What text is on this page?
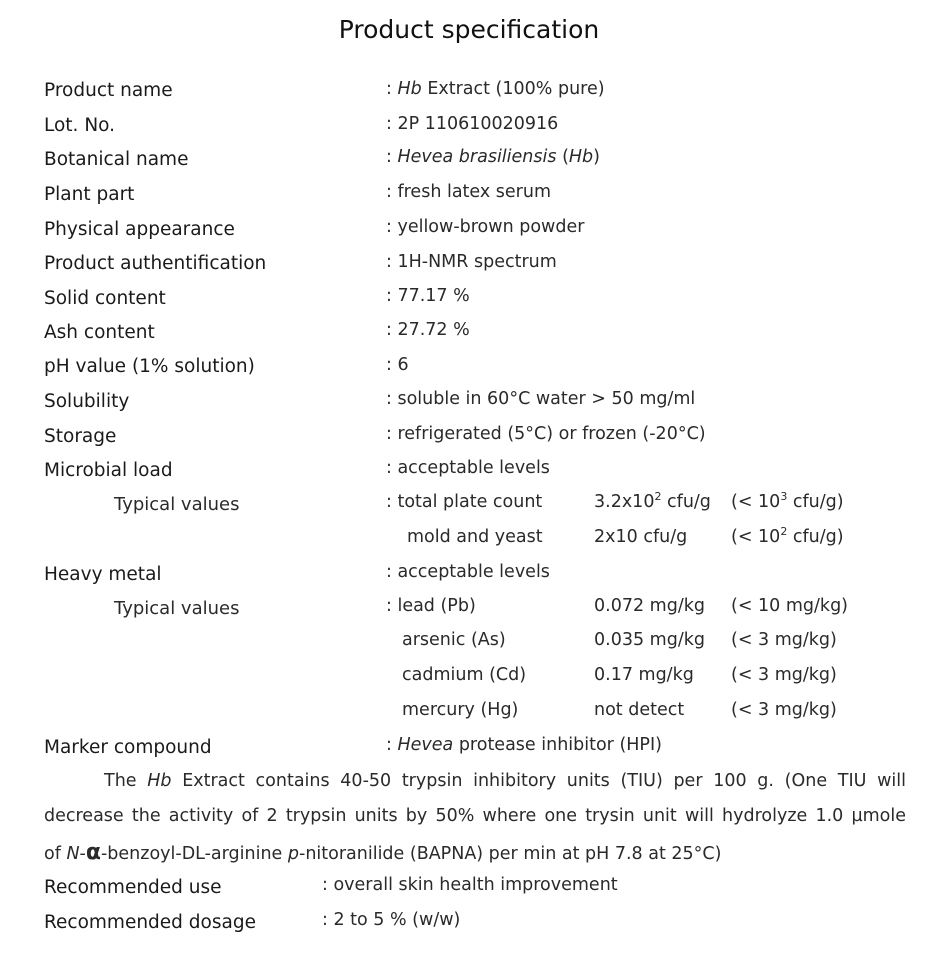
Product specification
Product name	: Hb Extract (100% pure)
Lot. No.	: 2P 110610020916
Botanical name	: Hevea brasiliensis (Hb)
Plant part	: fresh latex serum
Physical appearance	: yellow-brown powder
Product authentification	: 1H-NMR spectrum
Solid content	: 77.17 %
Ash content	: 27.72 %
pH value (1% solution)	: 6
Solubility	: soluble in 60°C water > 50 mg/ml
Storage	: refrigerated (5°C) or frozen (-20°C)
Microbial load	: acceptable levels
Typical values	: total plate count	$3.2x10^2$ cfu/g (< $10^3$ cfu/g)
mold and yeast	2x10 cfu/g	(< $10^2$ cfu/g)
Heavy metal	: acceptable levels
Typical values	: lead (Pb)	0.072 mg/kg (< 10 mg/kg)
arsenic (As)	0.035 mg/kg (< 3 mg/kg)
cadmium (Cd)	0.17 mg/kg (< 3 mg/kg)
mercury (Hg)	not detect	(< 3 mg/kg)
Marker compound	: Hevea protease inhibitor (HPI)
The Hb Extract contains 40-50 trypsin inhibitory units (TIU) per 100 g. (One TIU will
decrease the activity of 2 trypsin units by 50% where one trysin unit will hydrolyze 1.0 µmole
of N-α-benzoyl-DL-arginine p-nitoranilide (BAPNA) per min at pH 7.8 at 25°C)
Recommended use	: overall skin health improvement
Recommended dosage	: 2 to 5 % (w/w)
